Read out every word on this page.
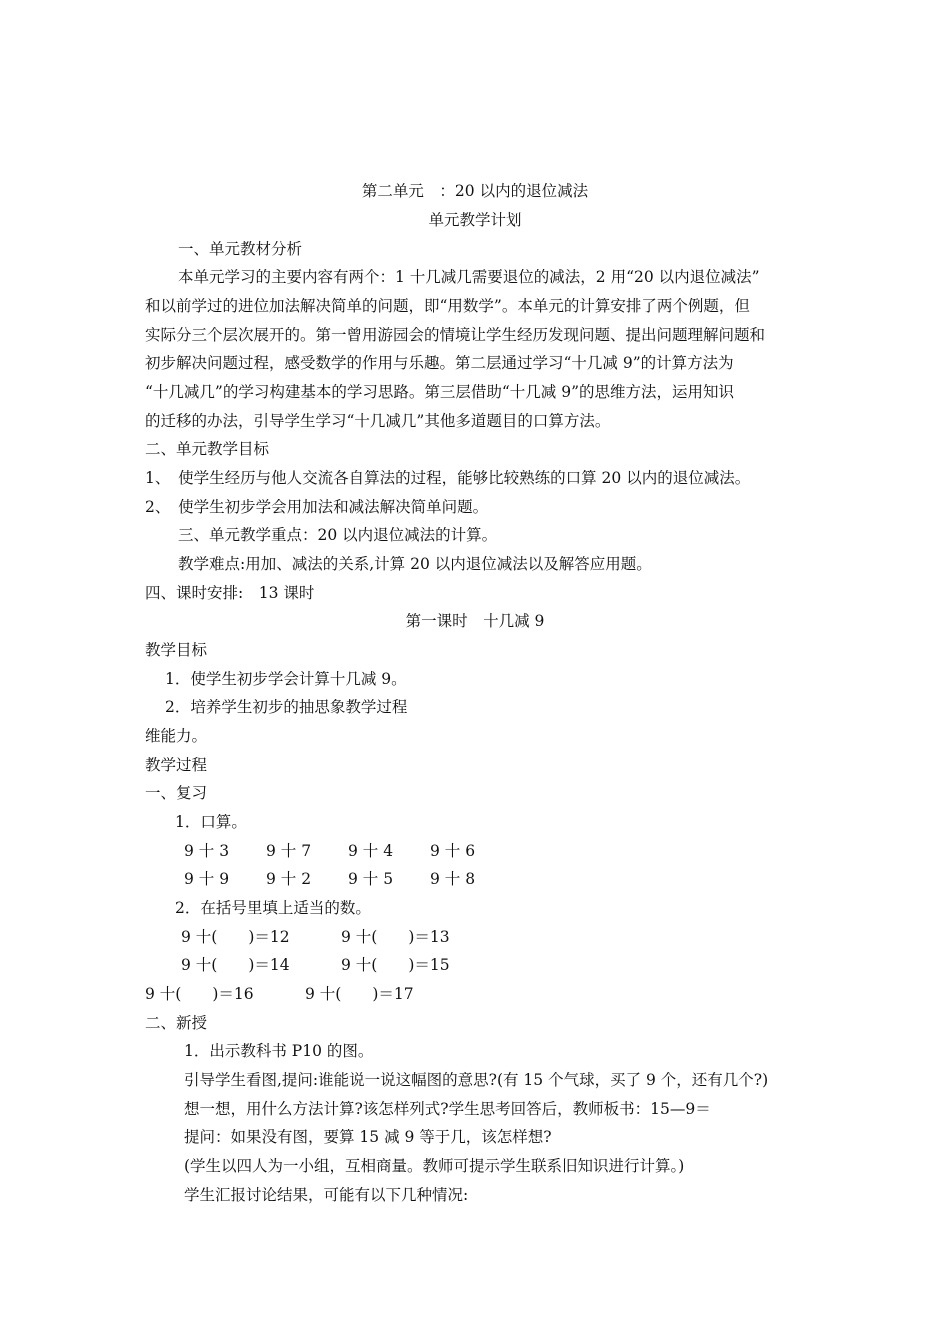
第二单元　：20 以内的退位减法
单元教学计划
一、单元教材分析
本单元学习的主要内容有两个：1 十几减几需要退位的减法，2 用“20 以内退位减法”
和以前学过的进位加法解决简单的问题，即“用数学”。本单元的计算安排了两个例题，但
实际分三个层次展开的。第一曾用游园会的情境让学生经历发现问题、提出问题理解问题和
初步解决问题过程，感受数学的作用与乐趣。第二层通过学习“十几减 9”的计算方法为
“十几减几”的学习构建基本的学习思路。第三层借助“十几减 9”的思维方法，运用知识
的迁移的办法，引导学生学习“十几减几”其他多道题目的口算方法。
二、单元教学目标
1、　使学生经历与他人交流各自算法的过程，能够比较熟练的口算 20 以内的退位减法。
2、　使学生初步学会用加法和减法解决简单问题。
三、单元教学重点：20 以内退位减法的计算。
教学难点:用加、减法的关系,计算 20 以内退位减法以及解答应用题。
四、课时安排:　13 课时
第一课时　十几减 9
教学目标
1．使学生初步学会计算十几减 9。
2．培养学生初步的抽思象教学过程
维能力。
教学过程
一、复习
1．口算。
9 十 3 9 十 7 9 十 4 9 十 6
9 十 9 9 十 2 9 十 5 9 十 8
2．在括号里填上适当的数。
9 十(　　)＝12	9 十(　　)＝13
9 十(　　)＝14	9 十(　　)＝15
9 十(　　)＝16	9 十(　　)＝17
二、新授
1．出示教科书 P10 的图。
引导学生看图,提问:谁能说一说这幅图的意思?(有 15 个气球，买了 9 个，还有几个?)
想一想，用什么方法计算?该怎样列式?学生思考回答后，教师板书：15—9＝
提问：如果没有图，要算 15 减 9 等于几，该怎样想?
(学生以四人为一小组，互相商量。教师可提示学生联系旧知识进行计算。)
学生汇报讨论结果，可能有以下几种情况:
